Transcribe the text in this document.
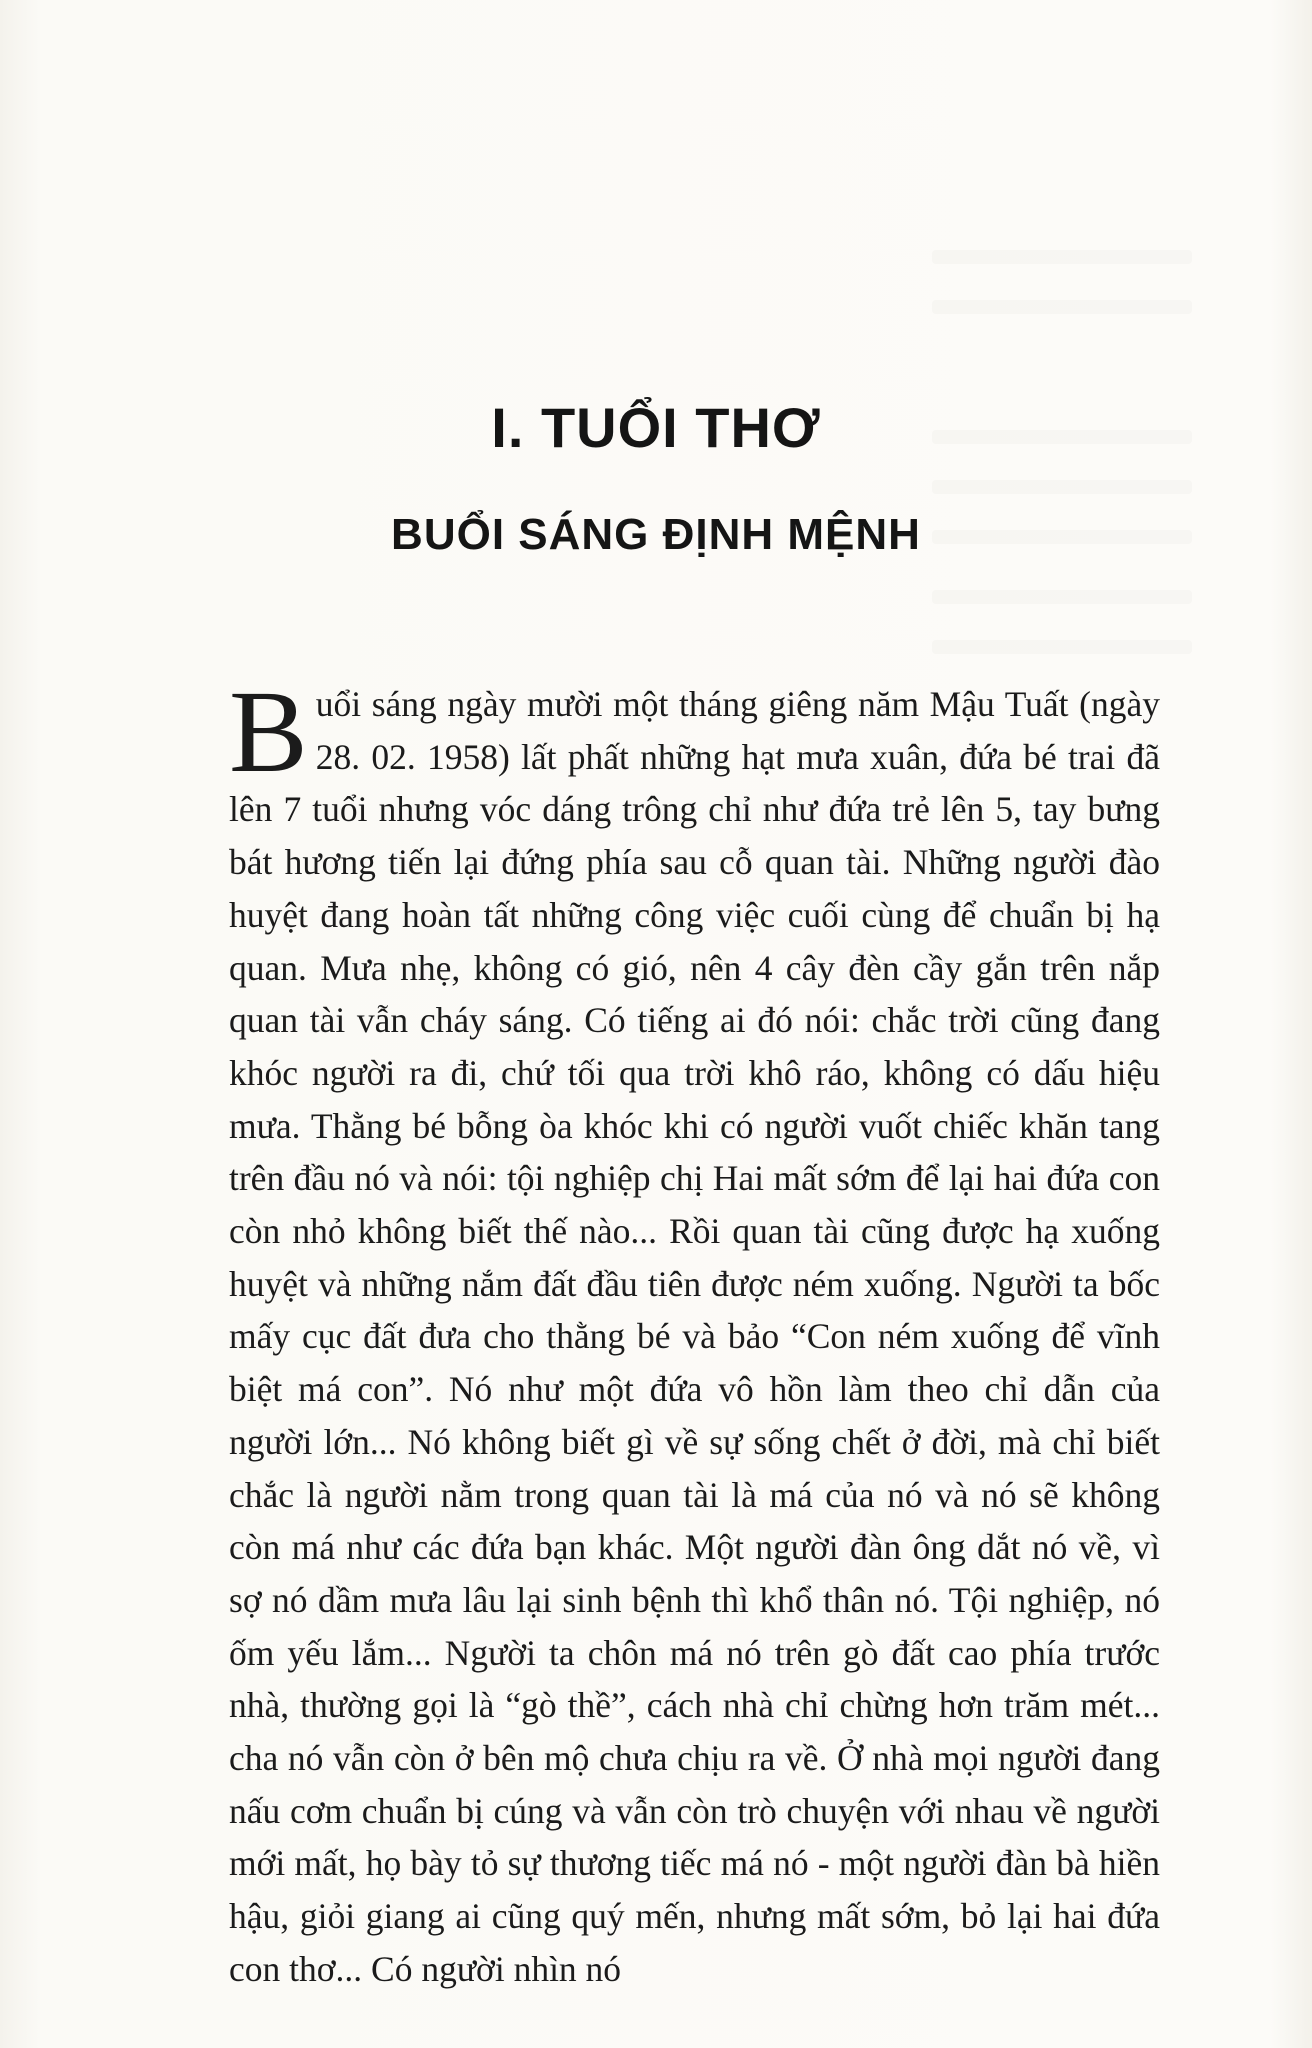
I. TUỔI THƠ
BUỔI SÁNG ĐỊNH MỆNH
Buổi sáng ngày mười một tháng giêng năm Mậu Tuất (ngày 28. 02. 1958) lất phất những hạt mưa xuân, đứa bé trai đã lên 7 tuổi nhưng vóc dáng trông chỉ như đứa trẻ lên 5, tay bưng bát hương tiến lại đứng phía sau cỗ quan tài. Những người đào huyệt đang hoàn tất những công việc cuối cùng để chuẩn bị hạ quan. Mưa nhẹ, không có gió, nên 4 cây đèn cầy gắn trên nắp quan tài vẫn cháy sáng. Có tiếng ai đó nói: chắc trời cũng đang khóc người ra đi, chứ tối qua trời khô ráo, không có dấu hiệu mưa. Thằng bé bỗng òa khóc khi có người vuốt chiếc khăn tang trên đầu nó và nói: tội nghiệp chị Hai mất sớm để lại hai đứa con còn nhỏ không biết thế nào... Rồi quan tài cũng được hạ xuống huyệt và những nắm đất đầu tiên được ném xuống. Người ta bốc mấy cục đất đưa cho thằng bé và bảo “Con ném xuống để vĩnh biệt má con”. Nó như một đứa vô hồn làm theo chỉ dẫn của người lớn... Nó không biết gì về sự sống chết ở đời, mà chỉ biết chắc là người nằm trong quan tài là má của nó và nó sẽ không còn má như các đứa bạn khác. Một người đàn ông dắt nó về, vì sợ nó dầm mưa lâu lại sinh bệnh thì khổ thân nó. Tội nghiệp, nó ốm yếu lắm... Người ta chôn má nó trên gò đất cao phía trước nhà, thường gọi là “gò thề”, cách nhà chỉ chừng hơn trăm mét... cha nó vẫn còn ở bên mộ chưa chịu ra về. Ở nhà mọi người đang nấu cơm chuẩn bị cúng và vẫn còn trò chuyện với nhau về người mới mất, họ bày tỏ sự thương tiếc má nó - một người đàn bà hiền hậu, giỏi giang ai cũng quý mến, nhưng mất sớm, bỏ lại hai đứa con thơ... Có người nhìn nó
